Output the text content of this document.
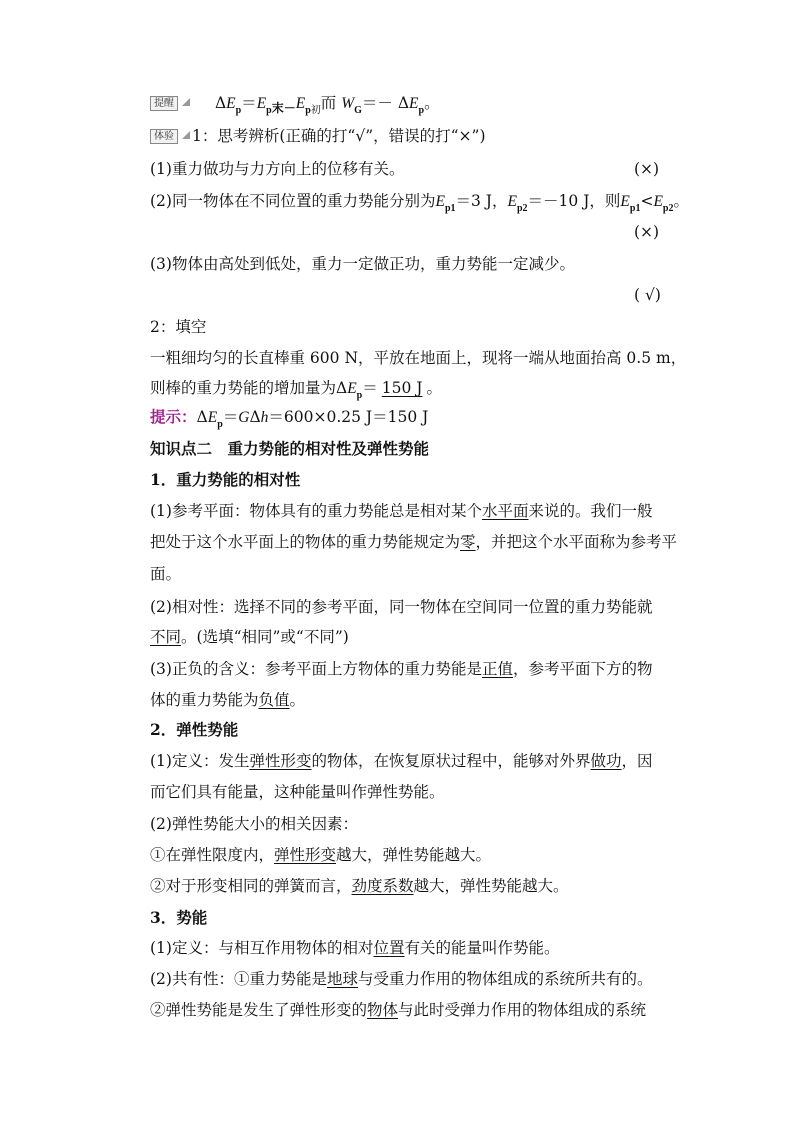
提醒	$\Delta E_p=E_{p末-}E_{p初}$而 $W_G=- \Delta E_p$。
体验 1：思考辨析(正确的打“√”，错误的打“×”)
(1)重力做功与力方向上的位移有关。	(×)
(2)同一物体在不同位置的重力势能分别为$E_{p1}=3$ J，$E_{p2}=-10$ J，则$E_{p1}<E_{p2}$。
(×)
(3)物体由高处到低处，重力一定做正功，重力势能一定减少。
( √)
2：填空
一粗细均匀的长直棒重 600 N，平放在地面上，现将一端从地面抬高 0.5 m，
则棒的重力势能的增加量为$\Delta E_p= 150$ J 。
提示：$\Delta E_p=G\Delta h=600\times 0.25$ J＝150 J
知识点二　重力势能的相对性及弹性势能
1．重力势能的相对性
(1)参考平面：物体具有的重力势能总是相对某个水平面来说的。我们一般
把处于这个水平面上的物体的重力势能规定为零，并把这个水平面称为参考平
面。
(2)相对性：选择不同的参考平面，同一物体在空间同一位置的重力势能就
不同。(选填“相同”或“不同”)
(3)正负的含义：参考平面上方物体的重力势能是正值，参考平面下方的物
体的重力势能为负值。
2．弹性势能
(1)定义：发生弹性形变的物体，在恢复原状过程中，能够对外界做功，因
而它们具有能量，这种能量叫作弹性势能。
(2)弹性势能大小的相关因素：
①在弹性限度内，弹性形变越大，弹性势能越大。
②对于形变相同的弹簧而言，劲度系数越大，弹性势能越大。
3．势能
(1)定义：与相互作用物体的相对位置有关的能量叫作势能。
(2)共有性：①重力势能是地球与受重力作用的物体组成的系统所共有的。
②弹性势能是发生了弹性形变的物体与此时受弹力作用的物体组成的系统
